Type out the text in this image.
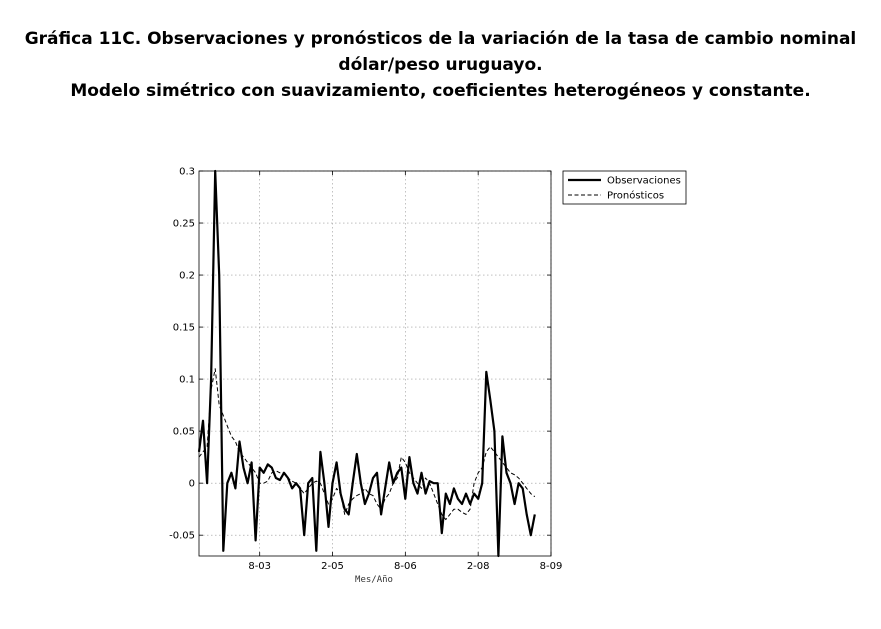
Gráfica 11C. Observaciones y pronósticos de la variación de la tasa de cambio nominal
dólar/peso uruguayo.
Modelo simétrico con suavizamiento, coeficientes heterogéneos y constante.
-0.05
0
0.05
0.1
0.15
0.2
0.25
0.3
8-03	2-05	8-06	2-08	8-09
Mes/Año
Observaciones
Pronósticos
